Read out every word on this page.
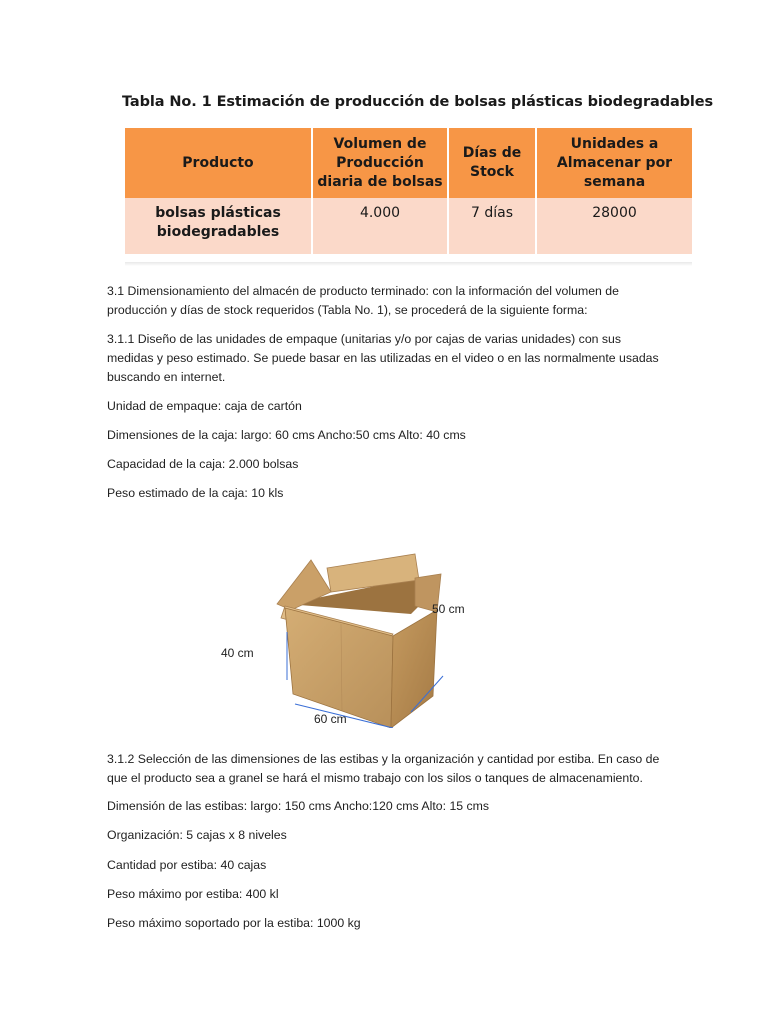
Tabla No. 1 Estimación de producción de bolsas plásticas biodegradables
Producto	Volumen de Producción diaria de bolsas	Días de Stock	Unidades a Almacenar por semana
bolsas plásticas biodegradables	4.000	7 días	28000
3.1 Dimensionamiento del almacén de producto terminado: con la información del volumen de producción y días de stock requeridos (Tabla No. 1), se procederá de la siguiente forma:
3.1.1 Diseño de las unidades de empaque (unitarias y/o por cajas de varias unidades) con sus medidas y peso estimado. Se puede basar en las utilizadas en el video o en las normalmente usadas buscando en internet.
Unidad de empaque: caja de cartón
Dimensiones de la caja: largo: 60 cms Ancho:50 cms Alto: 40 cms
Capacidad de la caja: 2.000 bolsas
Peso estimado de la caja: 10 kls
50 cm
40 cm
60 cm
3.1.2 Selección de las dimensiones de las estibas y la organización y cantidad por estiba. En caso de que el producto sea a granel se hará el mismo trabajo con los silos o tanques de almacenamiento.
Dimensión de las estibas: largo: 150 cms Ancho:120 cms Alto: 15 cms
Organización: 5 cajas x 8 niveles
Cantidad por estiba: 40 cajas
Peso máximo por estiba: 400 kl
Peso máximo soportado por la estiba: 1000 kg
